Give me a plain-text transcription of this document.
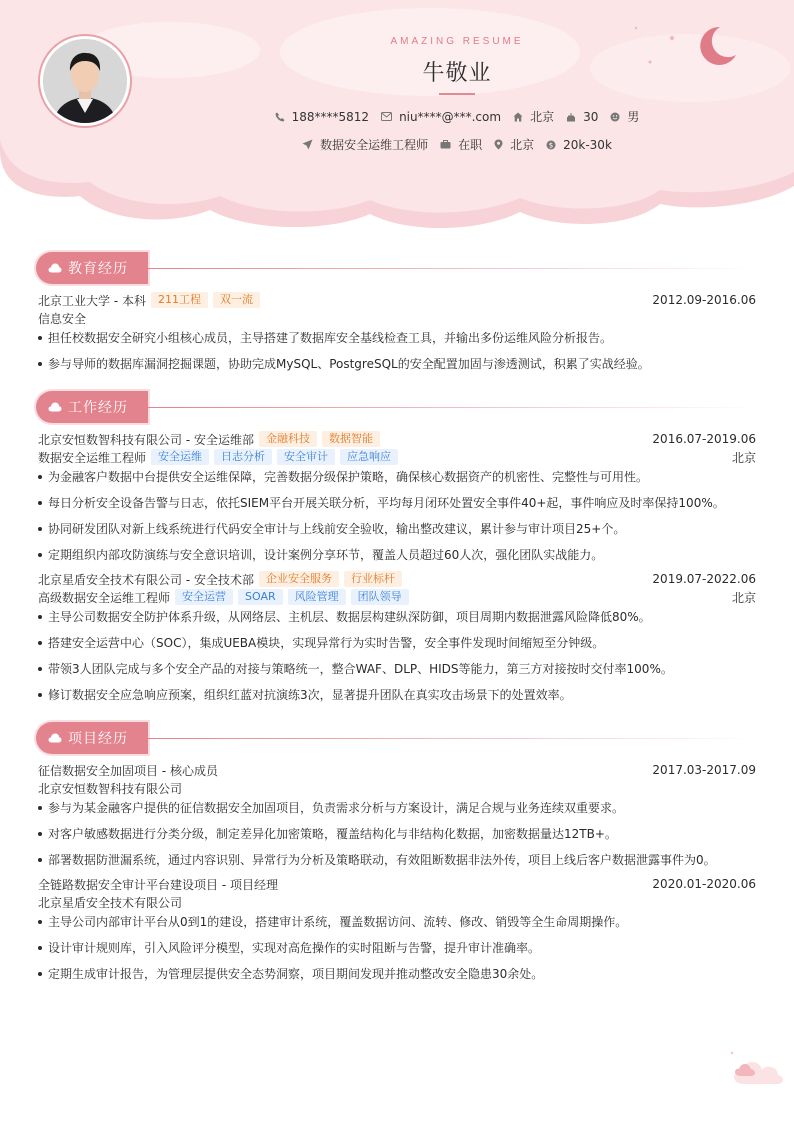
AMAZING RESUME
牛敬业
188****5812	niu****@***.com 北京 30 男
数据安全运维工程师	在职 北京 $ 20k-30k
教育经历
北京工业大学 - 本科	211工程	双一流	2012.09-2016.06
信息安全
担任校数据安全研究小组核心成员，主导搭建了数据库安全基线检查工具，并输出多份运维风险分析报告。
参与导师的数据库漏洞挖掘课题，协助完成MySQL、PostgreSQL的安全配置加固与渗透测试，积累了实战经验。
工作经历
北京安恒数智科技有限公司 - 安全运维部	金融科技	数据智能	2016.07-2019.06
数据安全运维工程师	安全运维	日志分析	安全审计	应急响应	北京
为金融客户数据中台提供安全运维保障，完善数据分级保护策略，确保核心数据资产的机密性、完整性与可用性。
每日分析安全设备告警与日志，依托SIEM平台开展关联分析，平均每月闭环处置安全事件40+起，事件响应及时率保持100%。
协同研发团队对新上线系统进行代码安全审计与上线前安全验收，输出整改建议，累计参与审计项目25+个。
定期组织内部攻防演练与安全意识培训，设计案例分享环节，覆盖人员超过60人次，强化团队实战能力。
北京星盾安全技术有限公司 - 安全技术部	企业安全服务	行业标杆	2019.07-2022.06
高级数据安全运维工程师	安全运营	SOAR	风险管理	团队领导	北京
主导公司数据安全防护体系升级，从网络层、主机层、数据层构建纵深防御，项目周期内数据泄露风险降低80%。
搭建安全运营中心（SOC），集成UEBA模块，实现异常行为实时告警，安全事件发现时间缩短至分钟级。
带领3人团队完成与多个安全产品的对接与策略统一，整合WAF、DLP、HIDS等能力，第三方对接按时交付率100%。
修订数据安全应急响应预案，组织红蓝对抗演练3次，显著提升团队在真实攻击场景下的处置效率。
项目经历
征信数据安全加固项目 - 核心成员	2017.03-2017.09
北京安恒数智科技有限公司
参与为某金融客户提供的征信数据安全加固项目，负责需求分析与方案设计，满足合规与业务连续双重要求。
对客户敏感数据进行分类分级，制定差异化加密策略，覆盖结构化与非结构化数据，加密数据量达12TB+。
部署数据防泄漏系统，通过内容识别、异常行为分析及策略联动，有效阻断数据非法外传，项目上线后客户数据泄露事件为0。
全链路数据安全审计平台建设项目 - 项目经理	2020.01-2020.06
北京星盾安全技术有限公司
主导公司内部审计平台从0到1的建设，搭建审计系统，覆盖数据访问、流转、修改、销毁等全生命周期操作。
设计审计规则库，引入风险评分模型，实现对高危操作的实时阻断与告警，提升审计准确率。
定期生成审计报告，为管理层提供安全态势洞察，项目期间发现并推动整改安全隐患30余处。
